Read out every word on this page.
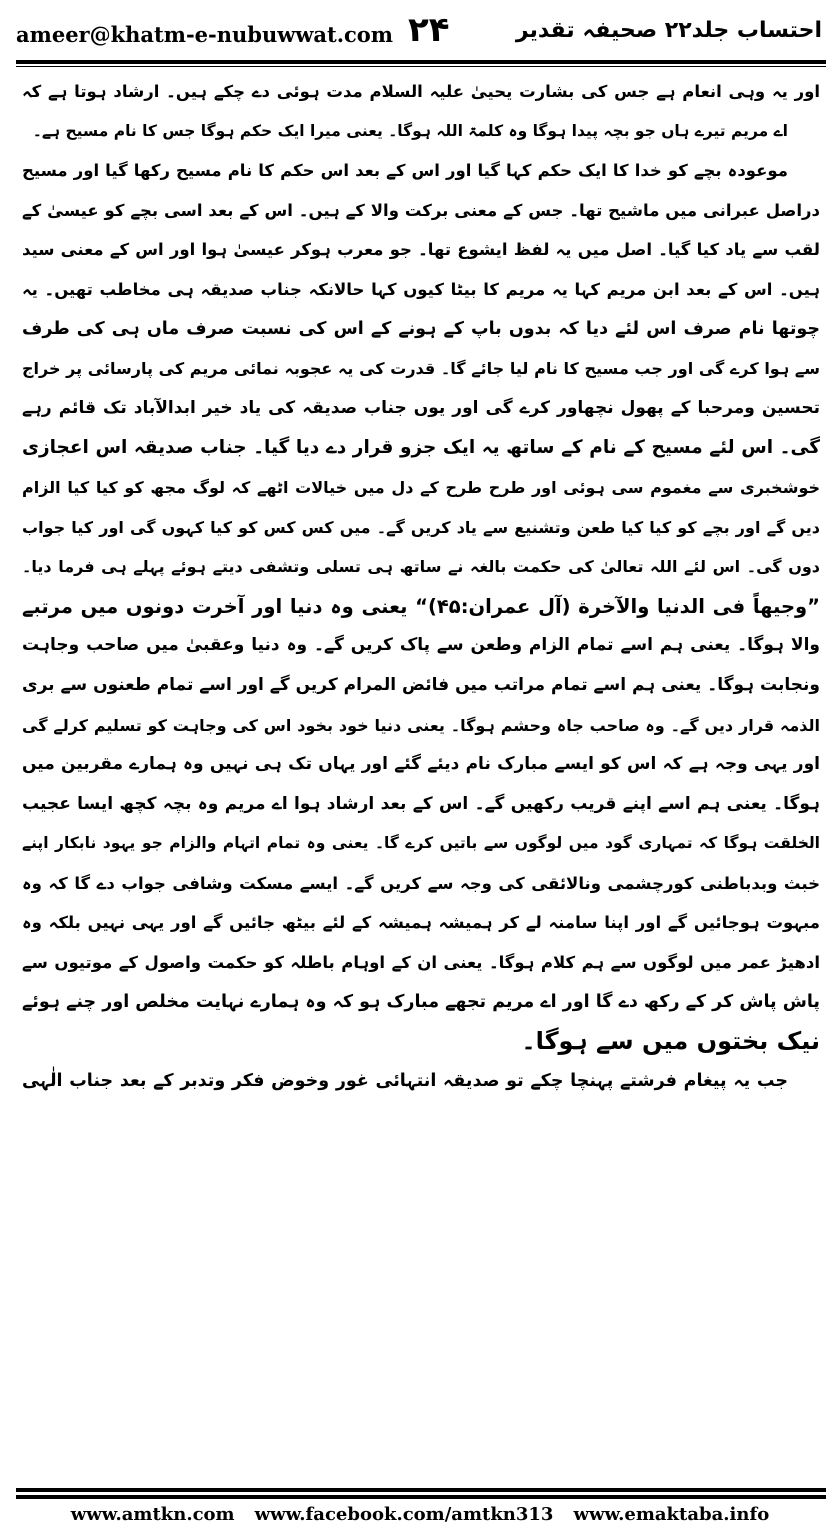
ameer@khatm-e-nubuwwat.com ۲۴	احتساب جلد۲۲ صحیفہ تقدیر
اور یہ وہی انعام ہے جس کی بشارت یحییٰ علیہ السلام مدت ہوئی دے چکے ہیں۔ ارشاد ہوتا ہے کہ
اے مریم تیرے ہاں جو بچہ پیدا ہوگا وہ کلمۃ اللہ ہوگا۔ یعنی میرا ایک حکم ہوگا جس کا نام مسیح ہے۔
موعودہ بچے کو خدا کا ایک حکم کہا گیا اور اس کے بعد اس حکم کا نام مسیح رکھا گیا اور مسیح
دراصل عبرانی میں ماشیح تھا۔ جس کے معنی برکت والا کے ہیں۔ اس کے بعد اسی بچے کو عیسیٰ کے
لقب سے یاد کیا گیا۔ اصل میں یہ لفظ ایشوع تھا۔ جو معرب ہوکر عیسیٰ ہوا اور اس کے معنی سید
ہیں۔ اس کے بعد ابن مریم کہا یہ مریم کا بیٹا کیوں کہا حالانکہ جناب صدیقہ ہی مخاطب تھیں۔ یہ
چوتھا نام صرف اس لئے دیا کہ بدوں باپ کے ہونے کے اس کی نسبت صرف ماں ہی کی طرف
سے ہوا کرے گی اور جب مسیح کا نام لیا جائے گا۔ قدرت کی یہ عجوبہ نمائی مریم کی پارسائی پر خراج
تحسین ومرحبا کے پھول نچھاور کرے گی اور یوں جناب صدیقہ کی یاد خیر ابدالآباد تک قائم رہے
گی۔ اس لئے مسیح کے نام کے ساتھ یہ ایک جزو قرار دے دیا گیا۔ جناب صدیقہ اس اعجازی
خوشخبری سے مغموم سی ہوئی اور طرح طرح کے دل میں خیالات اٹھے کہ لوگ مجھ کو کیا کیا الزام
دیں گے اور بچے کو کیا کیا طعن وتشنیع سے یاد کریں گے۔ میں کس کس کو کیا کہوں گی اور کیا جواب
دوں گی۔ اس لئے اللہ تعالیٰ کی حکمت بالغہ نے ساتھ ہی تسلی وتشفی دیتے ہوئے پہلے ہی فرما دیا۔
”وجیهاً فی الدنیا والآخرة (آل عمران:۴۵)“ یعنی وہ دنیا اور آخرت دونوں میں مرتبے
والا ہوگا۔ یعنی ہم اسے تمام الزام وطعن سے پاک کریں گے۔ وہ دنیا وعقبیٰ میں صاحب وجاہت
ونجابت ہوگا۔ یعنی ہم اسے تمام مراتب میں فائض المرام کریں گے اور اسے تمام طعنوں سے بری
الذمہ قرار دیں گے۔ وہ صاحب جاہ وحشم ہوگا۔ یعنی دنیا خود بخود اس کی وجاہت کو تسلیم کرلے گی
اور یہی وجہ ہے کہ اس کو ایسے مبارک نام دیئے گئے اور یہاں تک ہی نہیں وہ ہمارے مقربین میں
ہوگا۔ یعنی ہم اسے اپنے قریب رکھیں گے۔ اس کے بعد ارشاد ہوا اے مریم وہ بچہ کچھ ایسا عجیب
الخلقت ہوگا کہ تمہاری گود میں لوگوں سے باتیں کرے گا۔ یعنی وہ تمام اتہام والزام جو یہود نابکار اپنے
خبث وبدباطنی کورچشمی ونالائقی کی وجہ سے کریں گے۔ ایسے مسکت وشافی جواب دے گا کہ وہ
مبہوت ہوجائیں گے اور اپنا سامنہ لے کر ہمیشہ ہمیشہ کے لئے بیٹھ جائیں گے اور یہی نہیں بلکہ وہ
ادھیڑ عمر میں لوگوں سے ہم کلام ہوگا۔ یعنی ان کے اوہام باطلہ کو حکمت واصول کے موتیوں سے
پاش پاش کر کے رکھ دے گا اور اے مریم تجھے مبارک ہو کہ وہ ہمارے نہایت مخلص اور چنے ہوئے
نیک بختوں میں سے ہوگا۔
جب یہ پیغام فرشتے پہنچا چکے تو صدیقہ انتہائی غور وخوض فکر وتدبر کے بعد جناب الٰہی
www.amtkn.com www.facebook.com/amtkn313 www.emaktaba.info
